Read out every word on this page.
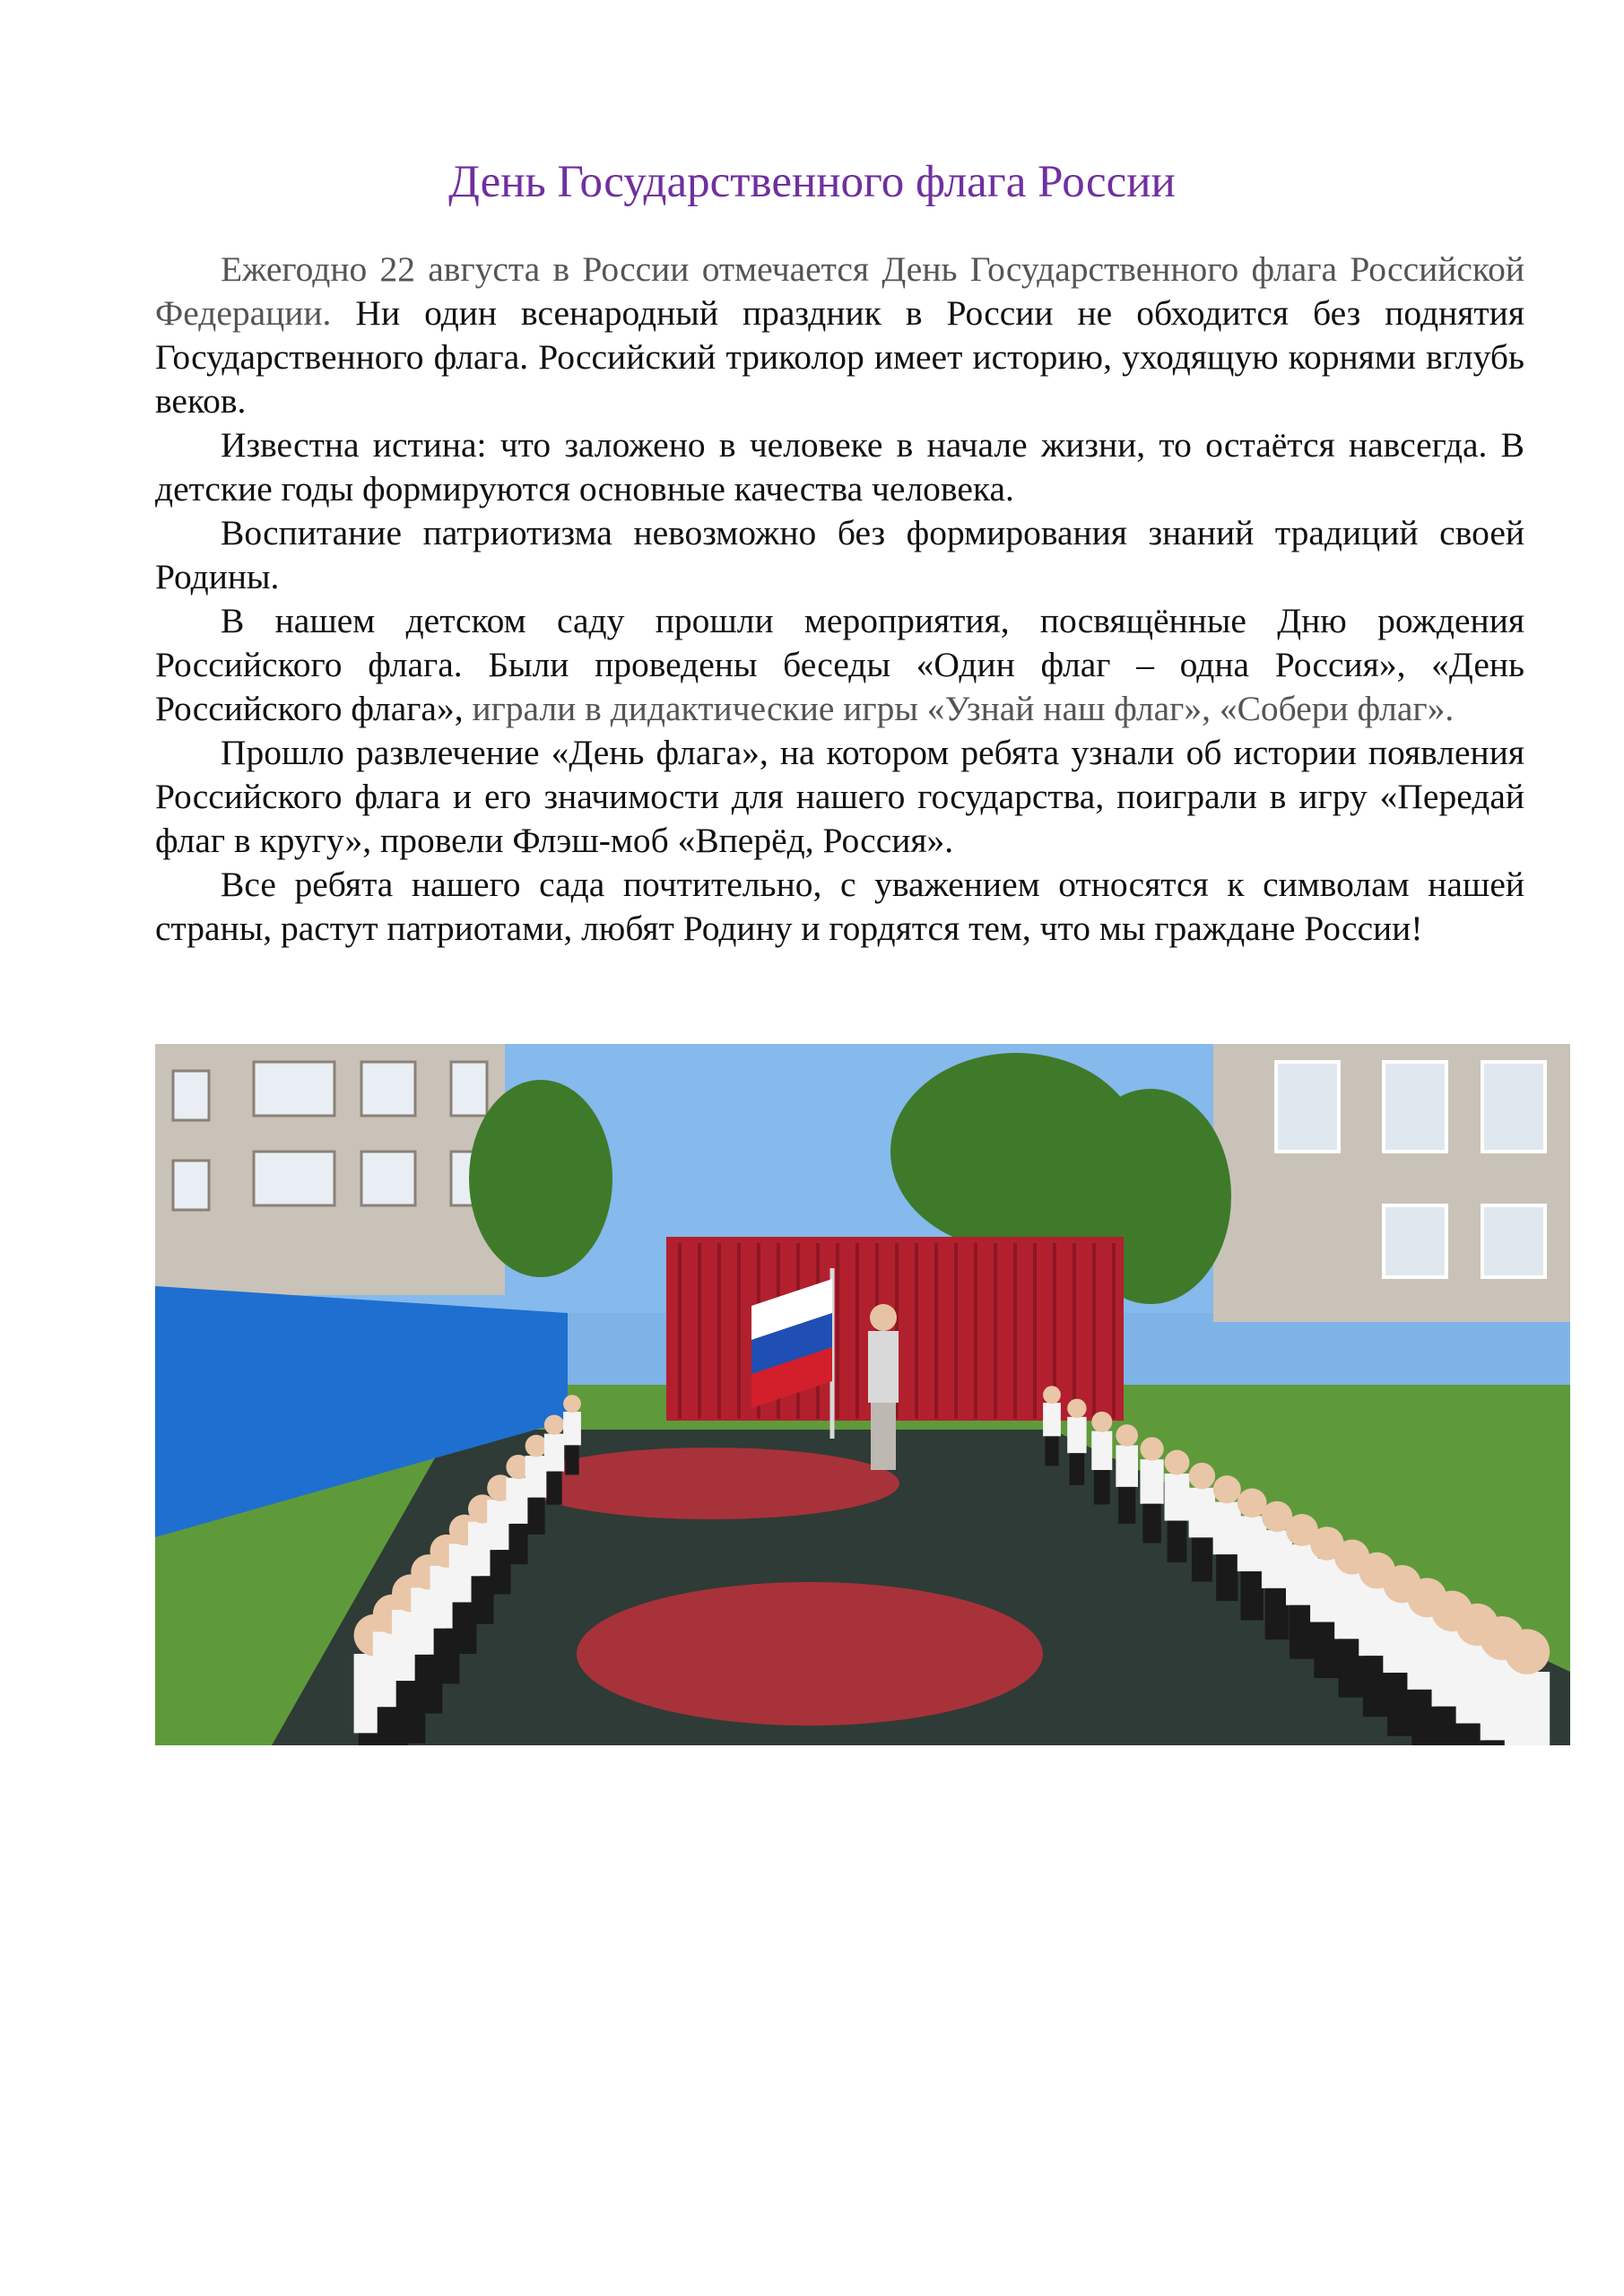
День Государственного флага России

Ежегодно 22 августа в России отмечается День Государственного флага Российской Федерации. Ни один всенародный праздник в России не обходится без поднятия Государственного флага. Российский триколор имеет историю, уходящую корнями вглубь веков.

Известна истина: что заложено в человеке в начале жизни, то остаётся навсегда. В детские годы формируются основные качества человека.

Воспитание патриотизма невозможно без формирования знаний традиций своей Родины.

В нашем детском саду прошли мероприятия, посвящённые Дню рождения Российского флага. Были проведены беседы «Один флаг – одна Россия», «День Российского флага», играли в дидактические игры «Узнай наш флаг», «Собери флаг».

Прошло развлечение «День флага», на котором ребята узнали об истории появления Российского флага и его значимости для нашего государства, поиграли в игру «Передай флаг в кругу», провели Флэш-моб «Вперёд, Россия».

Все ребята нашего сада почтительно, с уважением относятся к символам нашей страны, растут патриотами, любят Родину и гордятся тем, что мы граждане России!
